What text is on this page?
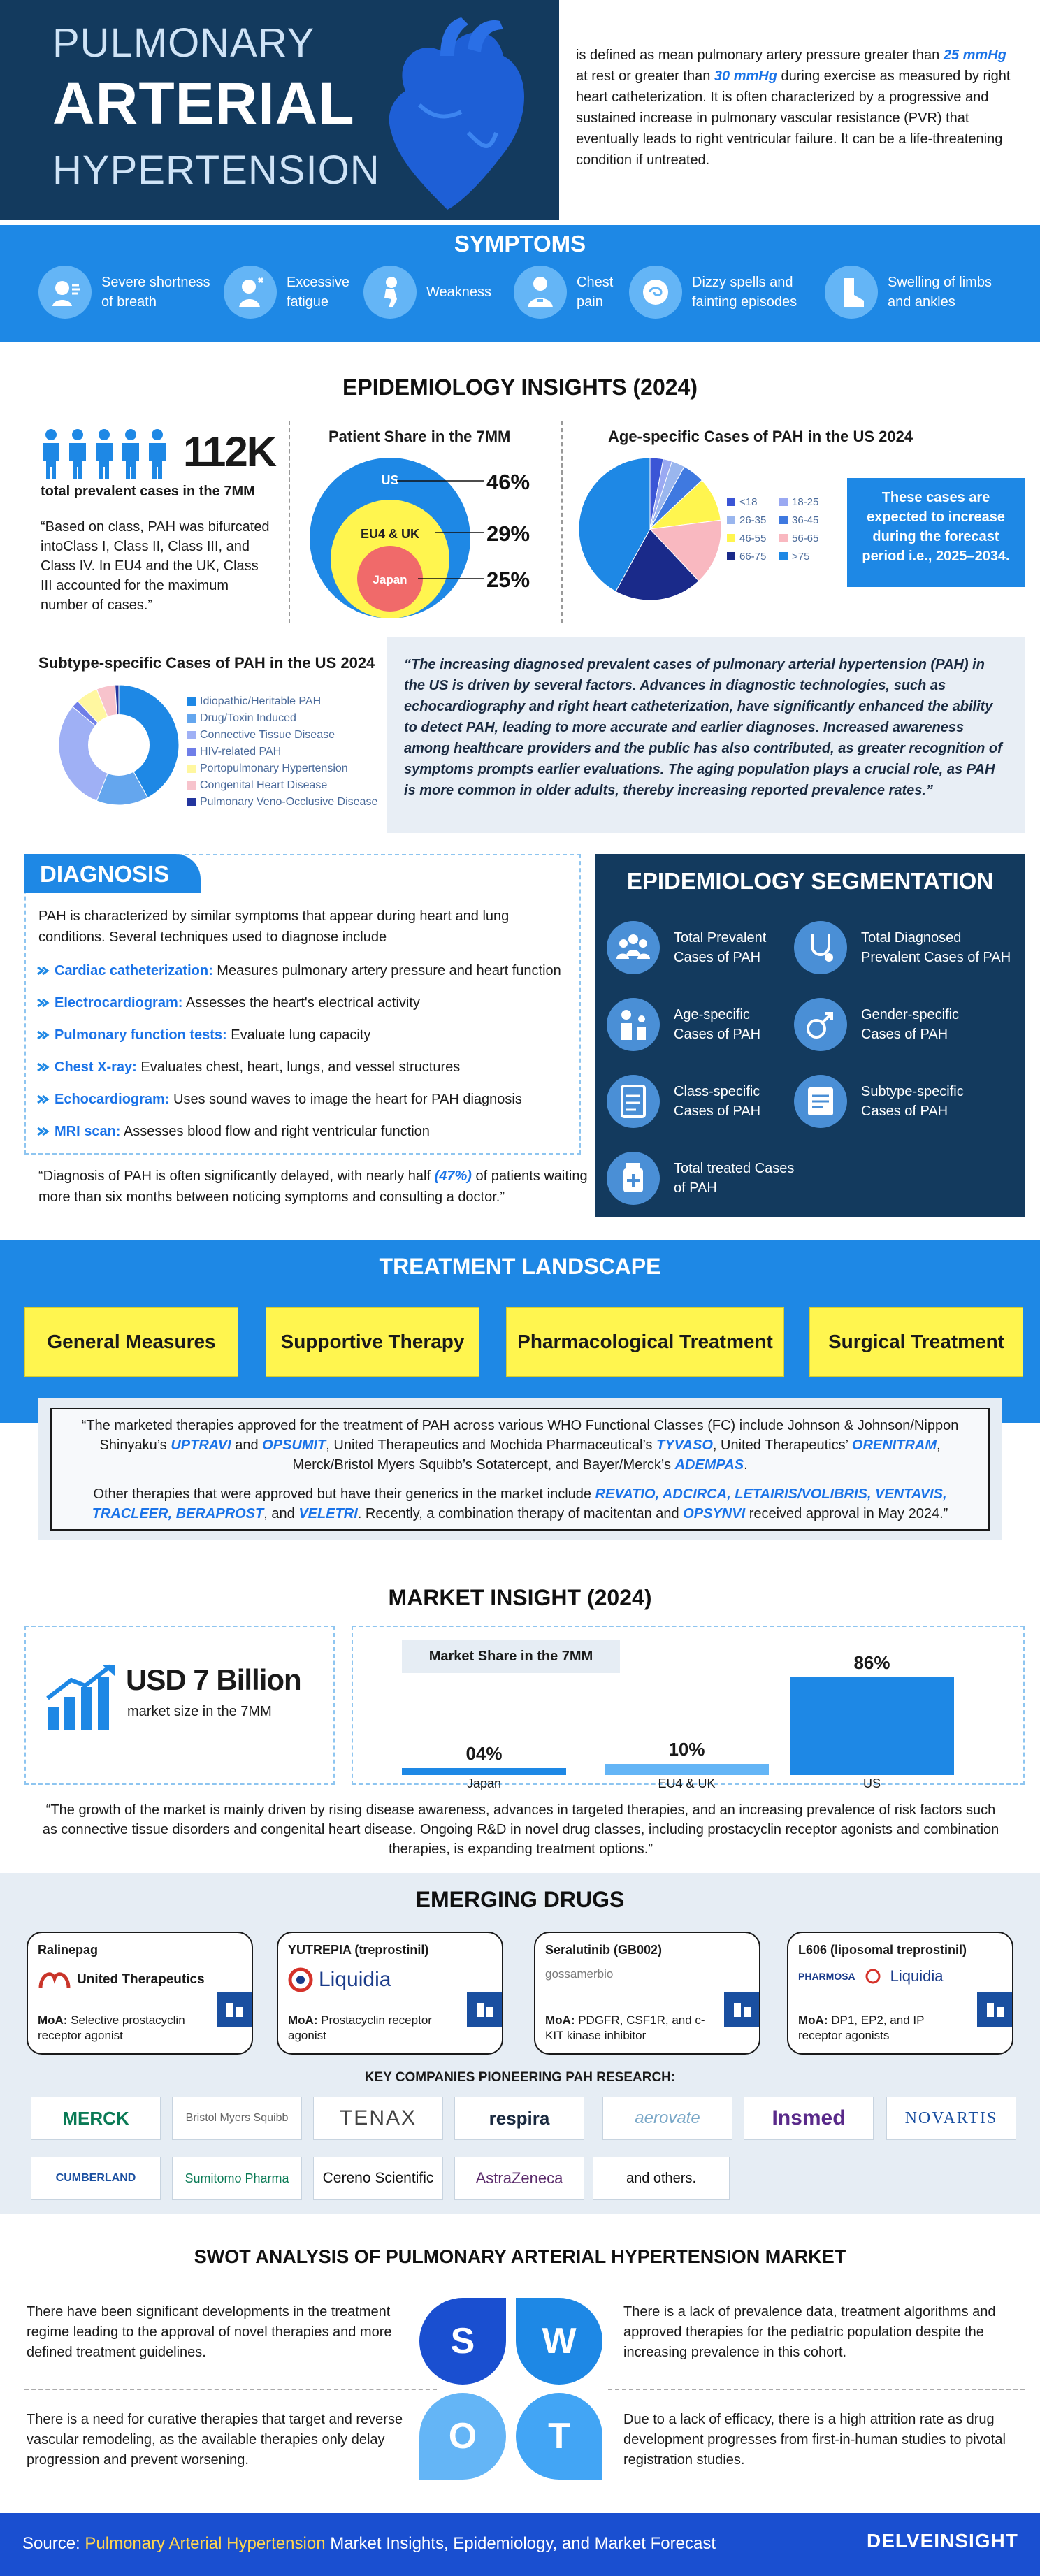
PULMONARY
ARTERIAL
HYPERTENSION
is defined as mean pulmonary artery pressure greater than 25 mmHg at rest or greater than 30 mmHg during exercise as measured by right heart catheterization. It is often characterized by a progressive and sustained increase in pulmonary vascular resistance (PVR) that eventually leads to right ventricular failure. It can be a life-threatening condition if untreated.
SYMPTOMS
Severe shortness of breath
Excessive fatigue
Weakness
Chest pain
Dizzy spells and fainting episodes
Swelling of limbs and ankles
EPIDEMIOLOGY INSIGHTS (2024)
112K
total prevalent cases in the 7MM
“Based on class, PAH was bifurcated intoClass I, Class II, Class III, and Class IV. In EU4 and the UK, Class III accounted for the maximum number of cases.”
Patient Share in the 7MM
US
EU4 & UK
Japan
46%
29%
25%
Age-specific Cases of PAH in the US 2024
<18	18-25
26-35 36-45
46-55 56-65
66-75 >75
These cases are expected to increase during the forecast period i.e., 2025–2034.
Subtype-specific Cases of PAH in the US 2024
Idiopathic/Heritable PAH
Drug/Toxin Induced
Connective Tissue Disease
HIV-related PAH
Portopulmonary Hypertension
Congenital Heart Disease
Pulmonary Veno-Occlusive Disease
“The increasing diagnosed prevalent cases of pulmonary arterial hypertension (PAH) in the US is driven by several factors. Advances in diagnostic technologies, such as echocardiography and right heart catheterization, have significantly enhanced the ability to detect PAH, leading to more accurate and earlier diagnoses. Increased awareness among healthcare providers and the public has also contributed, as greater recognition of symptoms prompts earlier evaluations. The aging population plays a crucial role, as PAH is more common in older adults, thereby increasing reported prevalence rates.”
DIAGNOSIS
PAH is characterized by similar symptoms that appear during heart and lung conditions. Several techniques used to diagnose include
Cardiac catheterization: Measures pulmonary artery pressure and heart function
Electrocardiogram: Assesses the heart's electrical activity
Pulmonary function tests: Evaluate lung capacity
Chest X-ray: Evaluates chest, heart, lungs, and vessel structures
Echocardiogram: Uses sound waves to image the heart for PAH diagnosis
MRI scan: Assesses blood flow and right ventricular function
“Diagnosis of PAH is often significantly delayed, with nearly half (47%) of patients waiting more than six months between noticing symptoms and consulting a doctor.”
EPIDEMIOLOGY SEGMENTATION
Total Prevalent Cases of PAH
Total Diagnosed Prevalent Cases of PAH
Age-specific Cases of PAH
Gender-specific Cases of PAH
Class-specific Cases of PAH
Subtype-specific Cases of PAH
Total treated Cases of PAH
TREATMENT LANDSCAPE
General Measures	Supportive Therapy	Pharmacological Treatment	Surgical Treatment

“The marketed therapies approved for the treatment of PAH across various WHO Functional Classes (FC) include Johnson & Johnson/Nippon Shinyaku’s UPTRAVI and OPSUMIT, United Therapeutics and Mochida Pharmaceutical’s TYVASO, United Therapeutics’ ORENITRAM, Merck/Bristol Myers Squibb’s Sotatercept, and Bayer/Merck’s ADEMPAS.

Other therapies that were approved but have their generics in the market include REVATIO, ADCIRCA, LETAIRIS/VOLIBRIS, VENTAVIS, TRACLEER, BERAPROST, and VELETRI. Recently, a combination therapy of macitentan and OPSYNVI received approval in May 2024.”

MARKET INSIGHT (2024)
USD 7 Billion
market size in the 7MM
Market Share in the 7MM
04%
Japan
10%
EU4 & UK
86%
US
“The growth of the market is mainly driven by rising disease awareness, advances in targeted therapies, and an increasing prevalence of risk factors such as connective tissue disorders and congenital heart disease. Ongoing R&D in novel drug classes, including prostacyclin receptor agonists and combination therapies, is expanding treatment options.”
EMERGING DRUGS
Ralinepag
United Therapeutics
MoA: Selective prostacyclin receptor agonist
YUTREPIA (treprostinil)
Liquidia
MoA: Prostacyclin receptor agonist
Seralutinib (GB002)
gossamerbio
MoA: PDGFR, CSF1R, and c-KIT kinase inhibitor
L606 (liposomal treprostinil)
PHARMOSA Liquidia
MoA: DP1, EP2, and IP receptor agonists
KEY COMPANIES PIONEERING PAH RESEARCH:
MERCK	Bristol Myers Squibb	TENAX	respira	aerovate	Insmed	NOVARTIS
CUMBERLAND	Sumitomo Pharma	Cereno Scientific	AstraZeneca	and others.
SWOT ANALYSIS OF PULMONARY ARTERIAL HYPERTENSION MARKET
There have been significant developments in the treatment regime leading to the approval of novel therapies and more defined treatment guidelines.
There is a lack of prevalence data, treatment algorithms and approved therapies for the pediatric population despite the increasing prevalence in this cohort.
There is a need for curative therapies that target and reverse vascular remodeling, as the available therapies only delay progression and prevent worsening.
Due to a lack of efficacy, there is a high attrition rate as drug development progresses from first-in-human studies to pivotal registration studies.
S	W
O	T
Source: Pulmonary Arterial Hypertension Market Insights, Epidemiology, and Market Forecast	DELVEINSIGHT
